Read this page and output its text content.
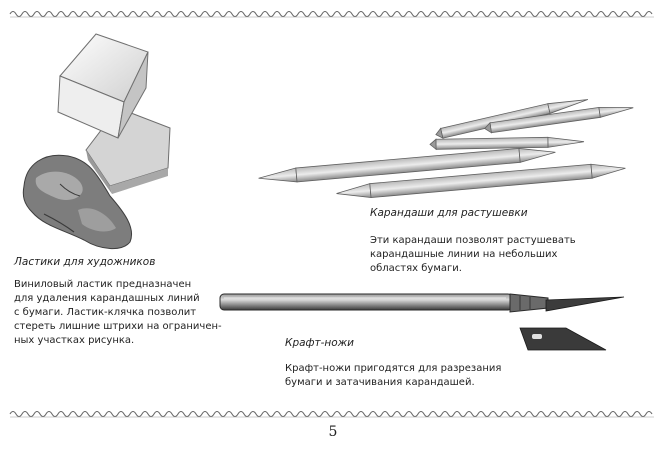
Ластики для художников
Виниловый ластик предназначен
для удаления карандашных линий
с бумаги. Ластик-клячка позволит
стереть лишние штрихи на ограничен-
ных участках рисунка.
Карандаши для растушевки
Эти карандаши позволят растушевать
карандашные линии на небольших
областях бумаги.
Крафт-ножи
Крафт-ножи пригодятся для разрезания
бумаги и затачивания карандашей.
5
